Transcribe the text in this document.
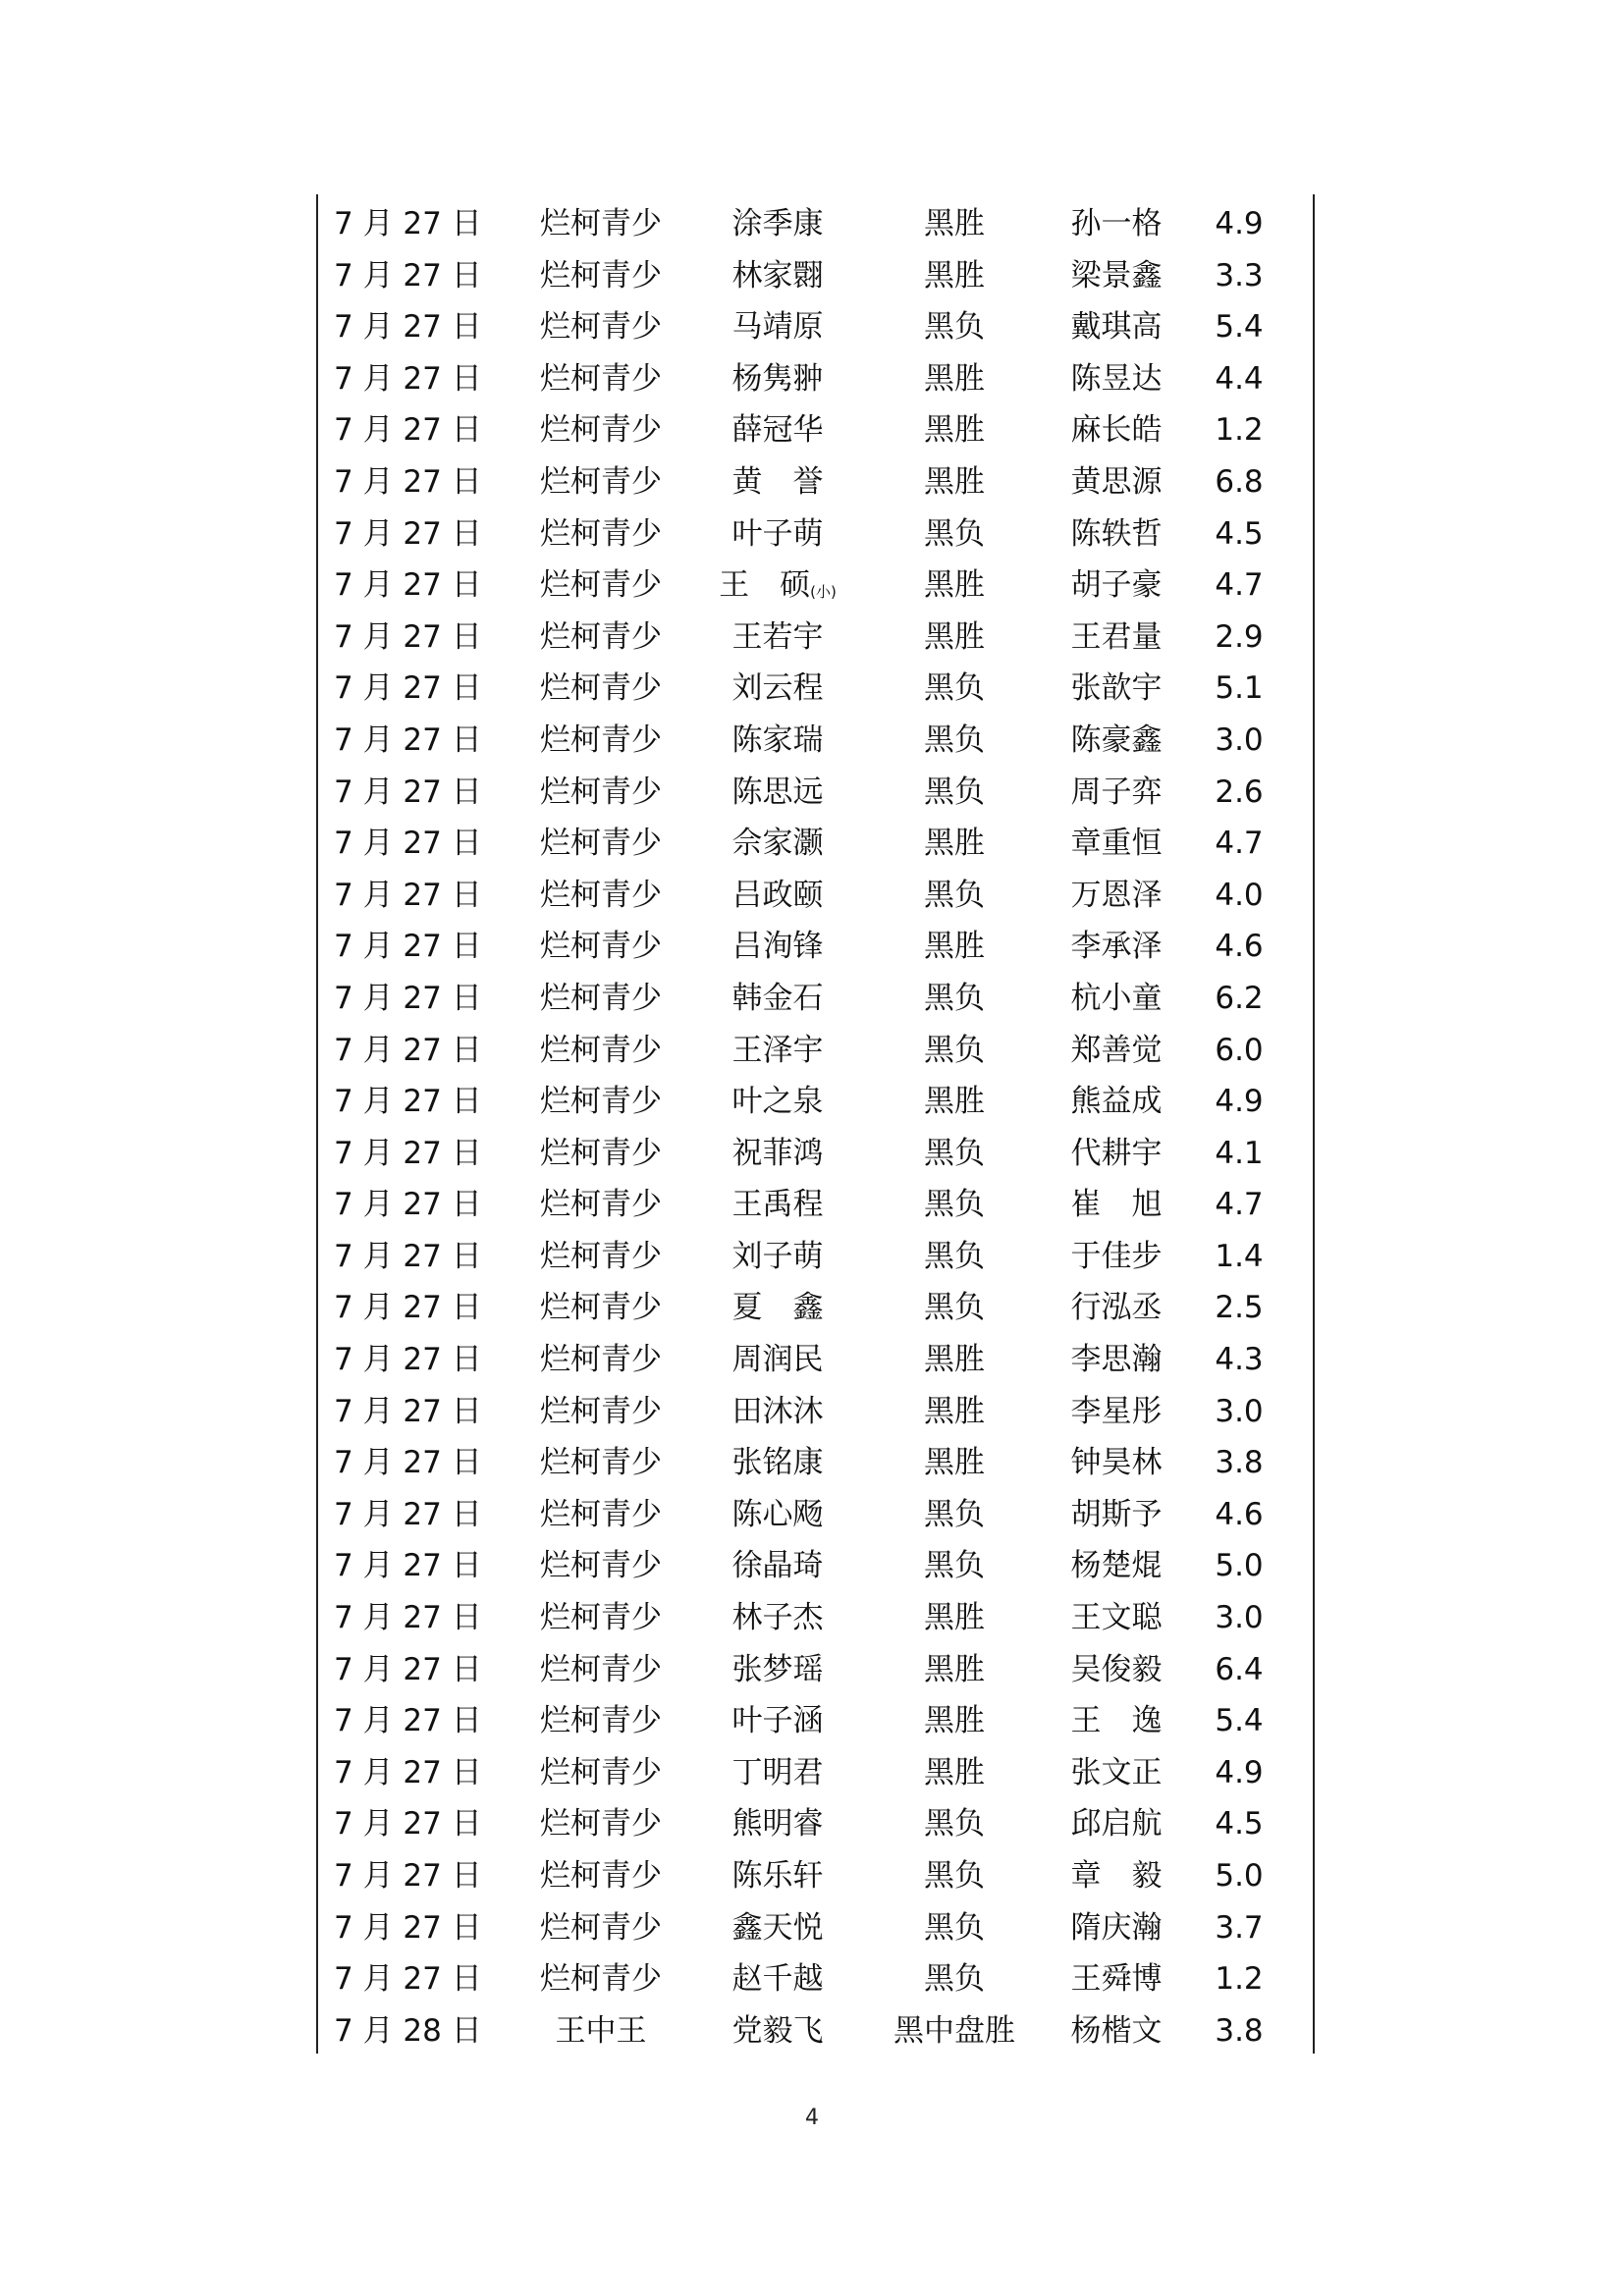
7 月 27 日	烂柯青少	涂季康	黑胜	孙一格	4.9
7 月 27 日	烂柯青少	林家翾	黑胜	梁景鑫	3.3
7 月 27 日	烂柯青少	马靖原	黑负	戴琪高	5.4
7 月 27 日	烂柯青少	杨隽翀	黑胜	陈昱达	4.4
7 月 27 日	烂柯青少	薛冠华	黑胜	麻长皓	1.2
7 月 27 日	烂柯青少	黄　誉	黑胜	黄思源	6.8
7 月 27 日	烂柯青少	叶子萌	黑负	陈轶哲	4.5
7 月 27 日	烂柯青少	王　硕(小)	黑胜	胡子豪	4.7
7 月 27 日	烂柯青少	王若宇	黑胜	王君量	2.9
7 月 27 日	烂柯青少	刘云程	黑负	张歆宇	5.1
7 月 27 日	烂柯青少	陈家瑞	黑负	陈豪鑫	3.0
7 月 27 日	烂柯青少	陈思远	黑负	周子弈	2.6
7 月 27 日	烂柯青少	佘家灏	黑胜	章重恒	4.7
7 月 27 日	烂柯青少	吕政颐	黑负	万恩泽	4.0
7 月 27 日	烂柯青少	吕洵锋	黑胜	李承泽	4.6
7 月 27 日	烂柯青少	韩金石	黑负	杭小童	6.2
7 月 27 日	烂柯青少	王泽宇	黑负	郑善觉	6.0
7 月 27 日	烂柯青少	叶之泉	黑胜	熊益成	4.9
7 月 27 日	烂柯青少	祝菲鸿	黑负	代耕宇	4.1
7 月 27 日	烂柯青少	王禹程	黑负	崔　旭	4.7
7 月 27 日	烂柯青少	刘子萌	黑负	于佳步	1.4
7 月 27 日	烂柯青少	夏　鑫	黑负	行泓丞	2.5
7 月 27 日	烂柯青少	周润民	黑胜	李思瀚	4.3
7 月 27 日	烂柯青少	田沐沐	黑胜	李星彤	3.0
7 月 27 日	烂柯青少	张铭康	黑胜	钟昊林	3.8
7 月 27 日	烂柯青少	陈心飏	黑负	胡斯予	4.6
7 月 27 日	烂柯青少	徐晶琦	黑负	杨楚焜	5.0
7 月 27 日	烂柯青少	林子杰	黑胜	王文聪	3.0
7 月 27 日	烂柯青少	张梦瑶	黑胜	吴俊毅	6.4
7 月 27 日	烂柯青少	叶子涵	黑胜	王　逸	5.4
7 月 27 日	烂柯青少	丁明君	黑胜	张文正	4.9
7 月 27 日	烂柯青少	熊明睿	黑负	邱启航	4.5
7 月 27 日	烂柯青少	陈乐轩	黑负	章　毅	5.0
7 月 27 日	烂柯青少	鑫天悦	黑负	隋庆瀚	3.7
7 月 27 日	烂柯青少	赵千越	黑负	王舜博	1.2
7 月 28 日	王中王	党毅飞	黑中盘胜	杨楷文	3.8
4
